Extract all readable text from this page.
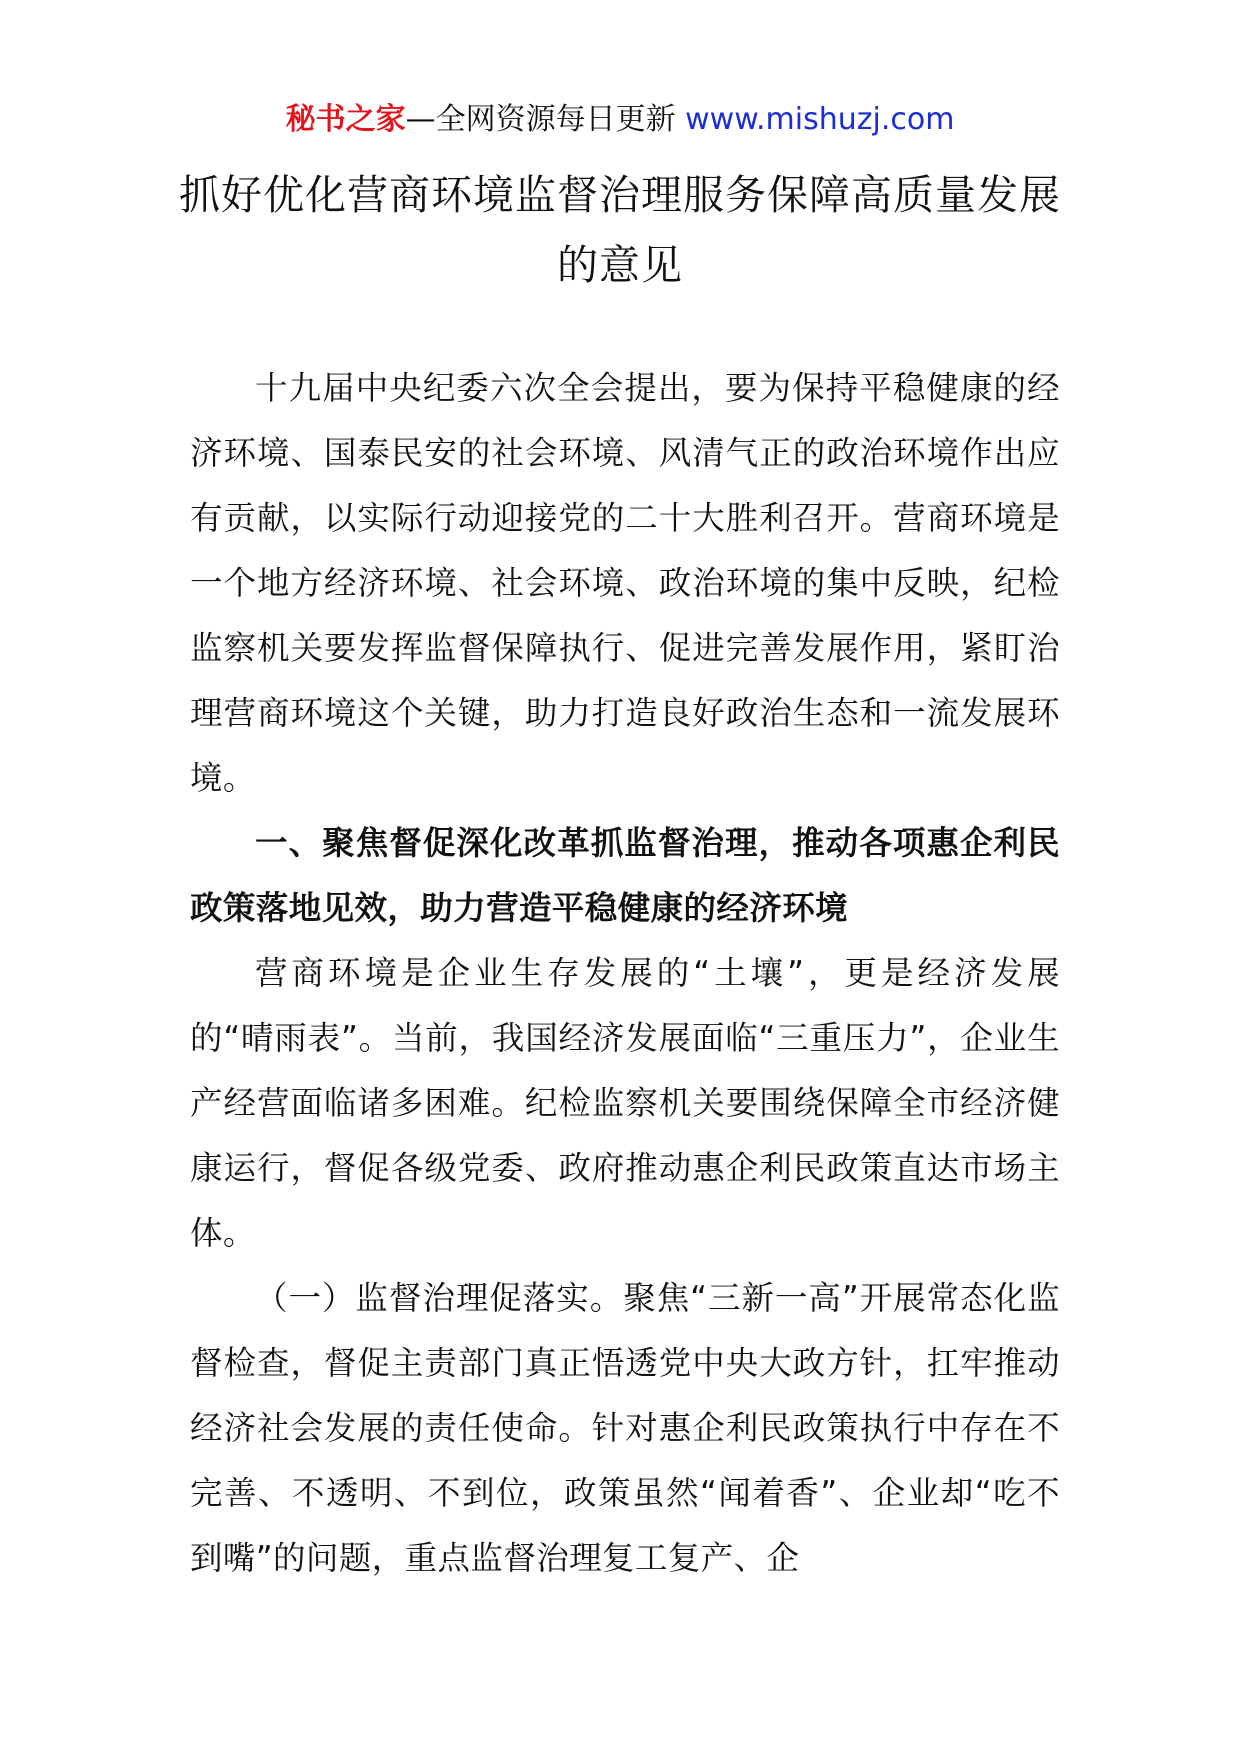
秘书之家—全网资源每日更新 www.mishuzj.com
抓好优化营商环境监督治理服务保障高质量发展的意见

十九届中央纪委六次全会提出，要为保持平稳健康的经济环境、国泰民安的社会环境、风清气正的政治环境作出应有贡献，以实际行动迎接党的二十大胜利召开。营商环境是一个地方经济环境、社会环境、政治环境的集中反映，纪检监察机关要发挥监督保障执行、促进完善发展作用，紧盯治理营商环境这个关键，助力打造良好政治生态和一流发展环境。

一、聚焦督促深化改革抓监督治理，推动各项惠企利民政策落地见效，助力营造平稳健康的经济环境

营商环境是企业生存发展的“土壤”，更是经济发展的“晴雨表”。当前，我国经济发展面临“三重压力”，企业生产经营面临诸多困难。纪检监察机关要围绕保障全市经济健康运行，督促各级党委、政府推动惠企利民政策直达市场主体。

（一）监督治理促落实。聚焦“三新一高”开展常态化监督检查，督促主责部门真正悟透党中央大政方针，扛牢推动经济社会发展的责任使命。针对惠企利民政策执行中存在不完善、不透明、不到位，政策虽然“闻着香”、企业却“吃不到嘴”的问题，重点监督治理复工复产、企
